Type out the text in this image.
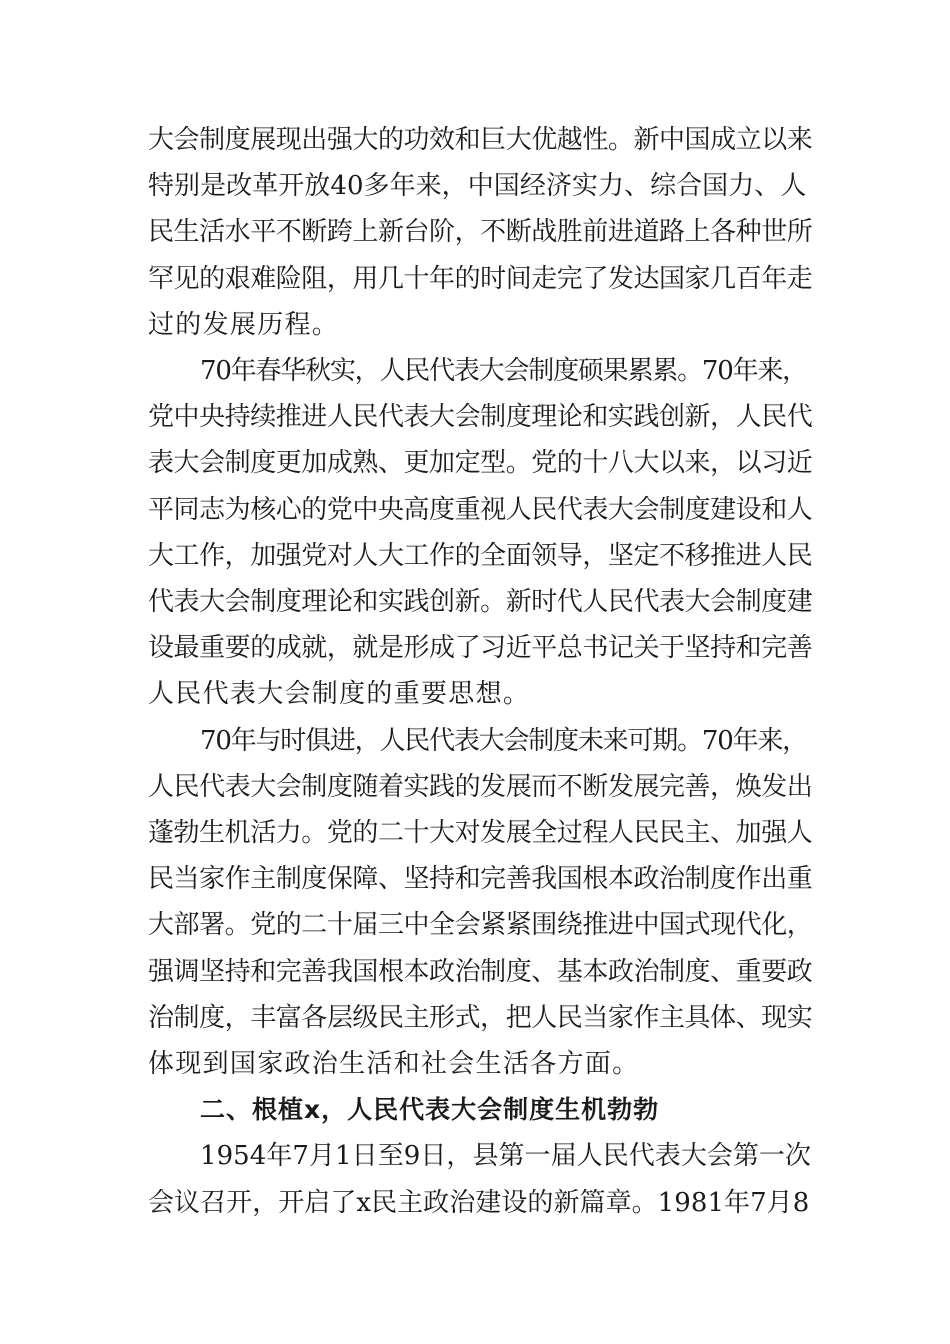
大会制度展现出强大的功效和巨大优越性。新中国成立以来
特别是改革开放40多年来，中国经济实力、综合国力、人
民生活水平不断跨上新台阶，不断战胜前进道路上各种世所
罕见的艰难险阻，用几十年的时间走完了发达国家几百年走
过的发展历程。

70年春华秋实，人民代表大会制度硕果累累。70年来，
党中央持续推进人民代表大会制度理论和实践创新，人民代
表大会制度更加成熟、更加定型。党的十八大以来，以习近
平同志为核心的党中央高度重视人民代表大会制度建设和人
大工作，加强党对人大工作的全面领导，坚定不移推进人民
代表大会制度理论和实践创新。新时代人民代表大会制度建
设最重要的成就，就是形成了习近平总书记关于坚持和完善
人民代表大会制度的重要思想。

70年与时俱进，人民代表大会制度未来可期。70年来，
人民代表大会制度随着实践的发展而不断发展完善，焕发出
蓬勃生机活力。党的二十大对发展全过程人民民主、加强人
民当家作主制度保障、坚持和完善我国根本政治制度作出重
大部署。党的二十届三中全会紧紧围绕推进中国式现代化，
强调坚持和完善我国根本政治制度、基本政治制度、重要政
治制度，丰富各层级民主形式，把人民当家作主具体、现实
体现到国家政治生活和社会生活各方面。

二、根植x，人民代表大会制度生机勃勃

1954年7月1日至9日，县第一届人民代表大会第一次
会议召开，开启了x民主政治建设的新篇章。1981年7月8
